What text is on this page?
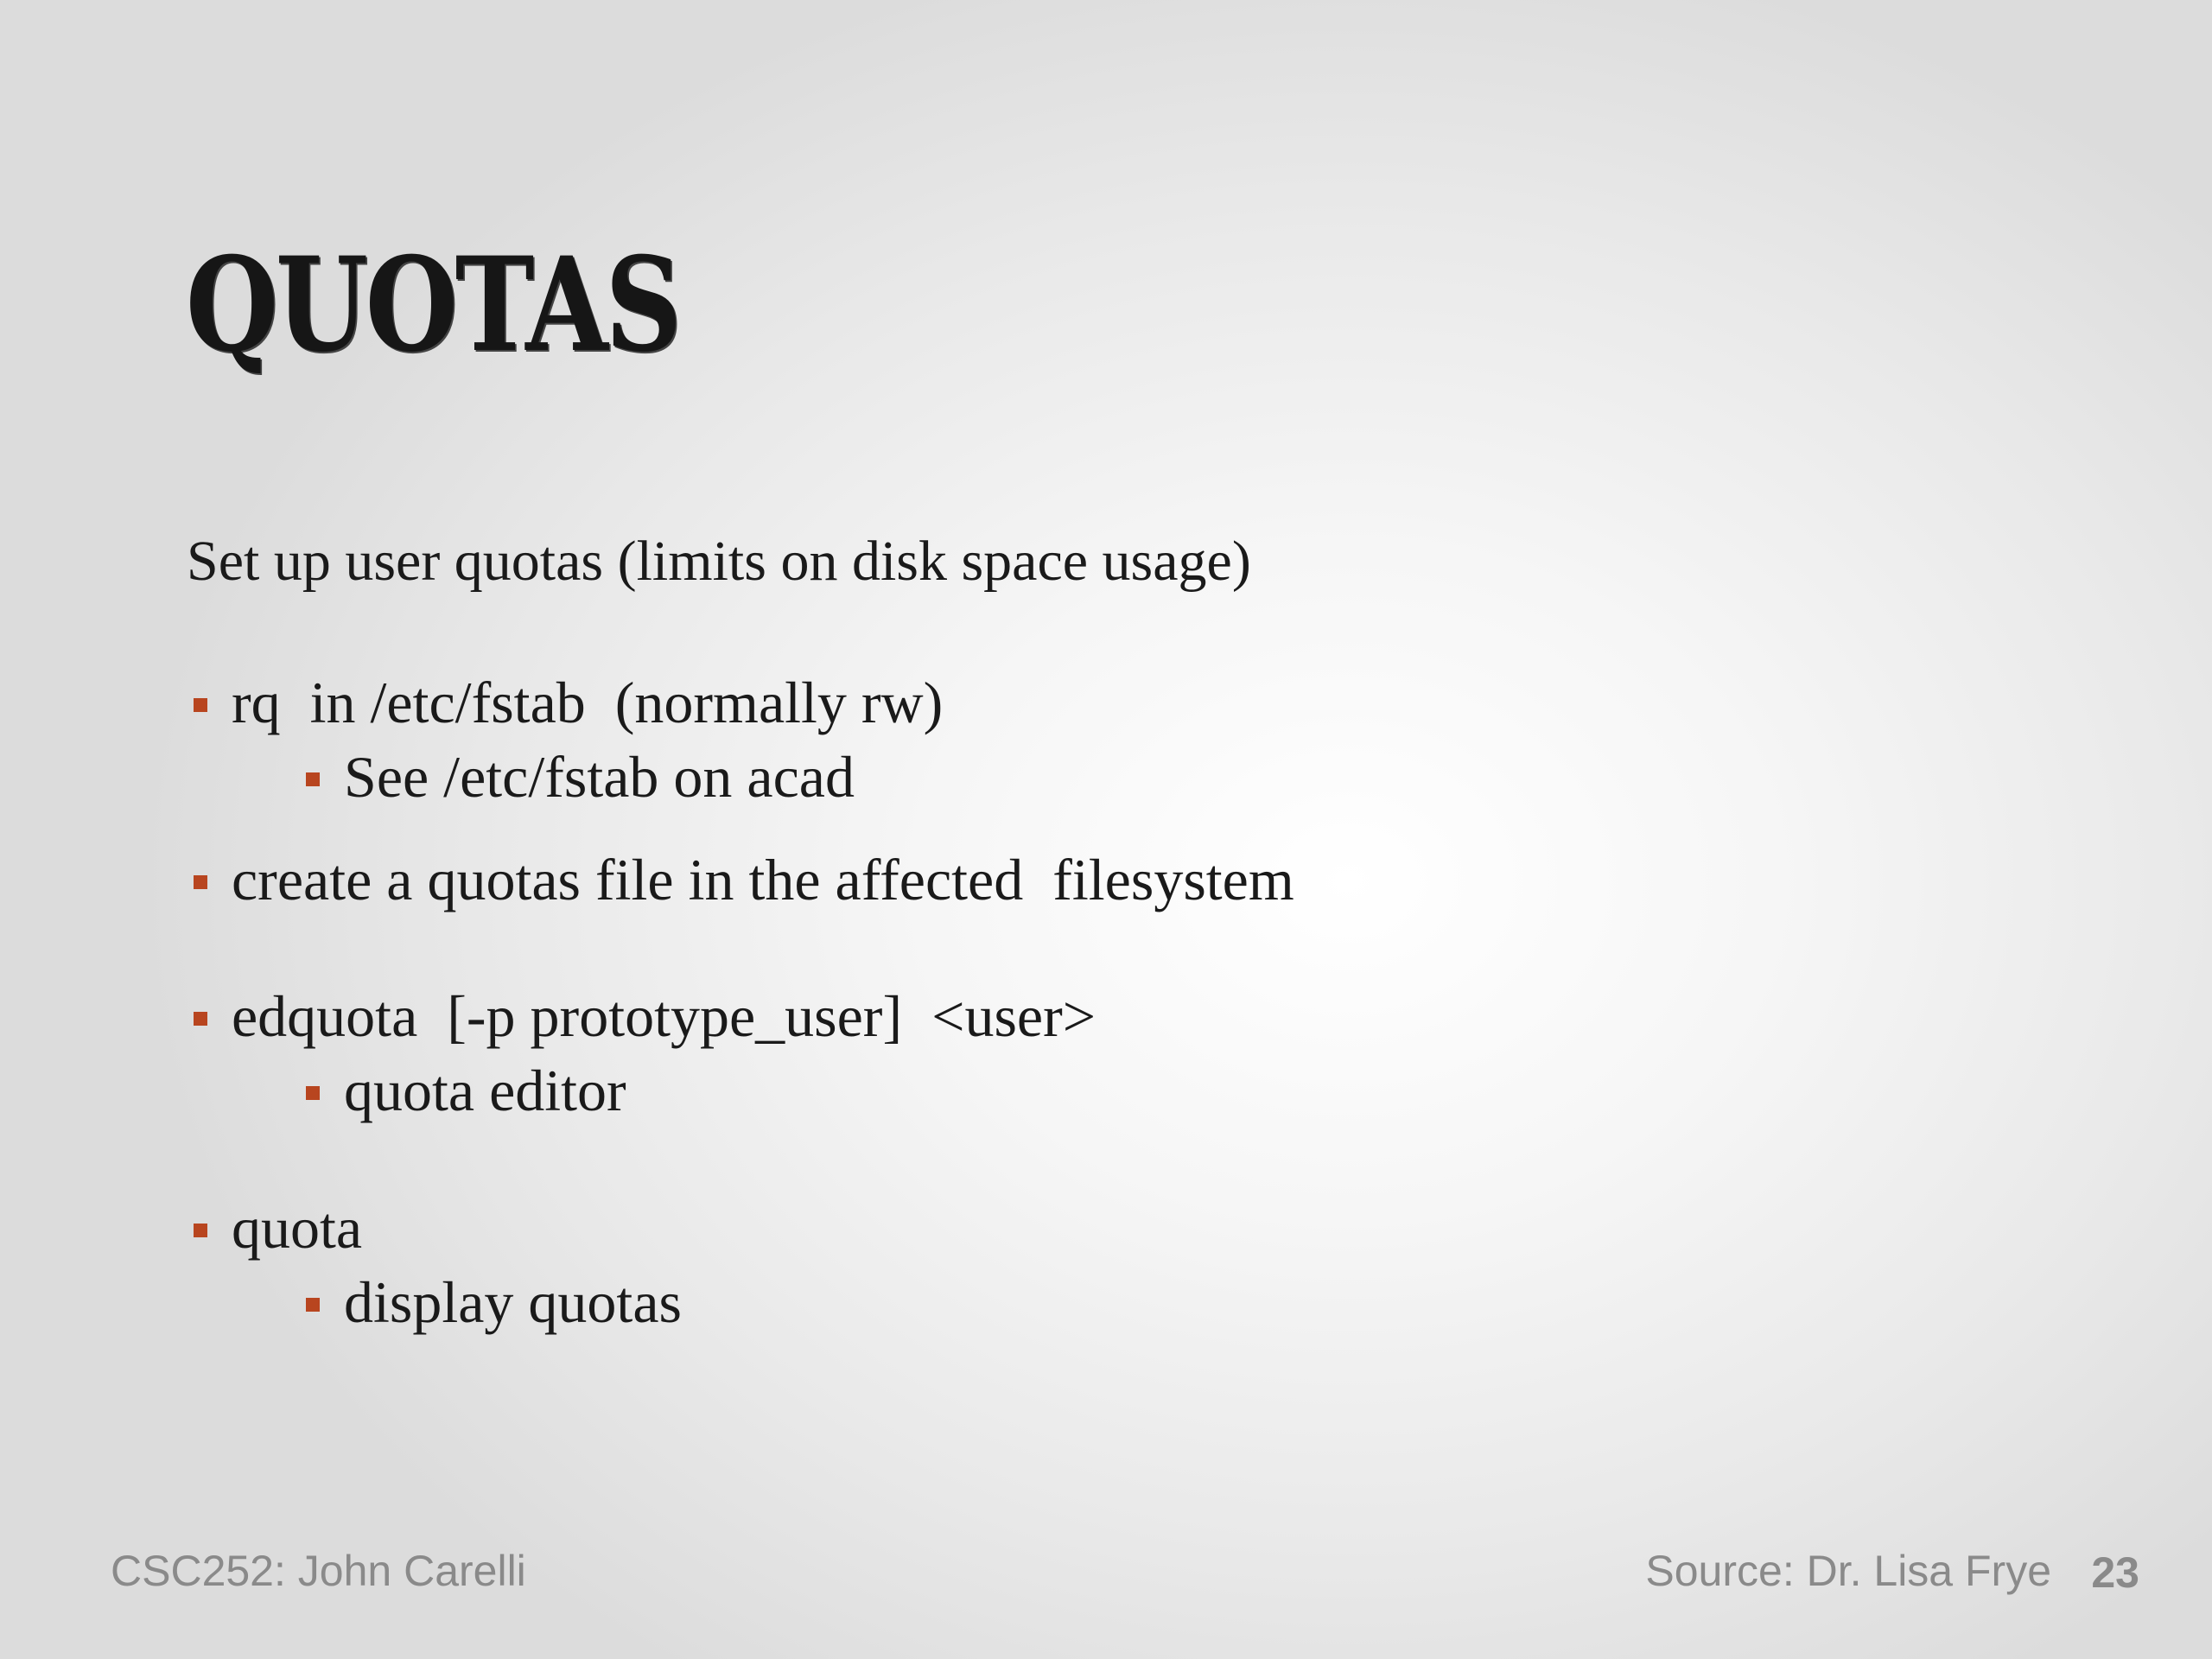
QUOTAS
Set up user quotas (limits on disk space usage)
rq  in /etc/fstab  (normally rw)
See /etc/fstab on acad
create a quotas file in the affected  filesystem
edquota  [-p prototype_user]  <user>
quota editor
quota
display quotas
CSC252: John Carelli	Source: Dr. Lisa Frye 23
